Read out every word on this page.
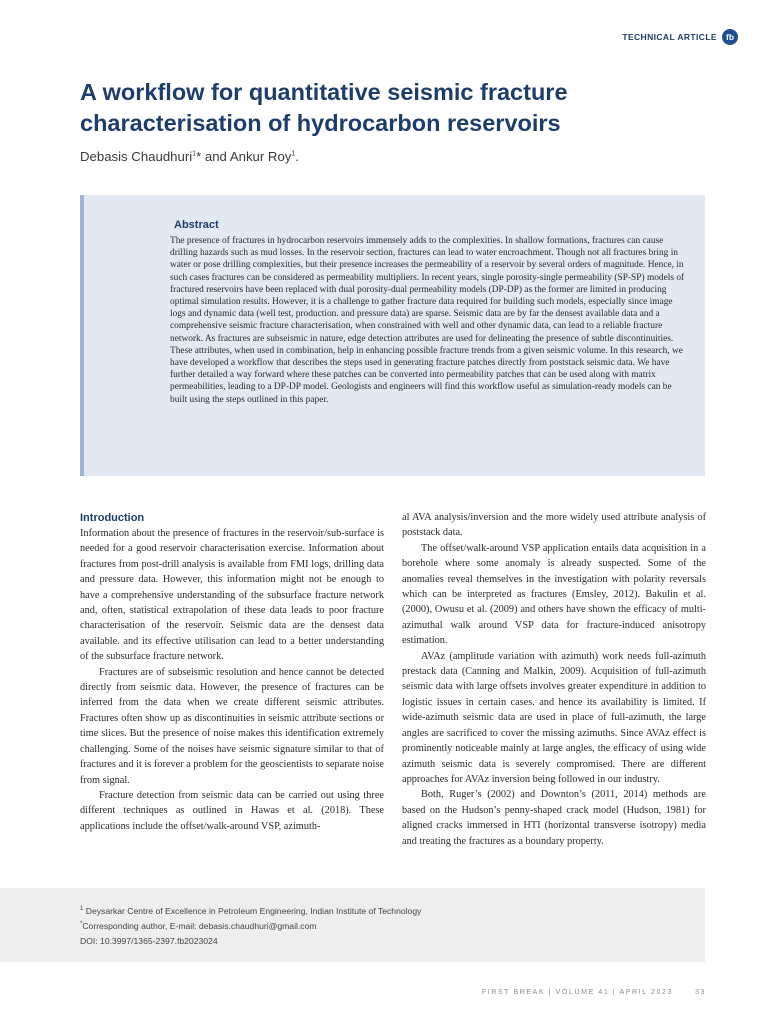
TECHNICAL ARTICLE	fb
A workflow for quantitative seismic fracture characterisation of hydrocarbon reservoirs

Debasis Chaudhuri$^1$* and Ankur Roy$^1$.

Abstract

The presence of fractures in hydrocarbon reservoirs immensely adds to the complexities. In shallow formations, fractures can cause drilling hazards such as mud losses. In the reservoir section, fractures can lead to water encroachment. Though not all fractures bring in water or pose drilling complexities, but their presence increases the permeability of a reservoir by several orders of magnitude. Hence, in such cases fractures can be considered as permeability multipliers. In recent years, single porosity-single permeability (SP-SP) models of fractured reservoirs have been replaced with dual porosity-dual permeability models (DP-DP) as the former are limited in producing optimal simulation results. However, it is a challenge to gather fracture data required for building such models, especially since image logs and dynamic data (well test, production. and pressure data) are sparse. Seismic data are by far the densest available data and a comprehensive seismic fracture characterisation, when constrained with well and other dynamic data, can lead to a reliable fracture network. As fractures are subseismic in nature, edge detection attributes are used for delineating the presence of subtle discontinuities. These attributes, when used in combination, help in enhancing possible fracture trends from a given seismic volume. In this research, we have developed a workflow that describes the steps used in generating fracture patches directly from poststack seismic data. We have further detailed a way forward where these patches can be converted into permeability patches that can be used along with matrix permeabilities, leading to a DP-DP model. Geologists and engineers will find this workflow useful as simulation-ready models can be built using the steps outlined in this paper.

Introduction

Information about the presence of fractures in the reservoir/sub-surface is needed for a good reservoir characterisation exercise. Information about fractures from post-drill analysis is available from FMI logs, drilling data and pressure data. However, this information might not be enough to have a comprehensive understanding of the subsurface fracture network and, often, statistical extrapolation of these data leads to poor fracture characterisation of the reservoir. Seismic data are the densest data available. and its effective utilisation can lead to a better understanding of the subsurface fracture network.

Fractures are of subseismic resolution and hence cannot be detected directly from seismic data. However, the presence of fractures can be inferred from the data when we create different seismic attributes. Fractures often show up as discontinuities in seismic attribute sections or time slices. But the presence of noise makes this identification extremely challenging. Some of the noises have seismic signature similar to that of fractures and it is forever a problem for the geoscientists to separate noise from signal.

Fracture detection from seismic data can be carried out using three different techniques as outlined in Hawas et al. (2018). These applications include the offset/walk-around VSP, azimuth-

al AVA analysis/inversion and the more widely used attribute analysis of poststack data.

The offset/walk-around VSP application entails data acquisition in a borehole where some anomaly is already suspected. Some of the anomalies reveal themselves in the investigation with polarity reversals which can be interpreted as fractures (Emsley, 2012). Bakulin et al. (2000), Owusu et al. (2009) and others have shown the efficacy of multi-azimuthal walk around VSP data for fracture-induced anisotropy estimation.

AVAz (amplitude variation with azimuth) work needs full-azimuth prestack data (Canning and Malkin, 2009). Acquisition of full-azimuth seismic data with large offsets involves greater expenditure in addition to logistic issues in certain cases. and hence its availability is limited. If wide-azimuth seismic data are used in place of full-azimuth, the large angles are sacrificed to cover the missing azimuths. Since AVAz effect is prominently noticeable mainly at large angles, the efficacy of using wide azimuth seismic data is severely compromised. There are different approaches for AVAz inversion being followed in our industry.

Both, Ruger’s (2002) and Downton’s (2011, 2014) methods are based on the Hudson’s penny-shaped crack model (Hudson, 1981) for aligned cracks immersed in HTI (horizontal transverse isotropy) media and treating the fractures as a boundary property.

$^1$ Deysarkar Centre of Excellence in Petroleum Engineering, Indian Institute of Technology

*Corresponding author, E-mail: debasis.chaudhuri@gmail.com

DOI: 10.3997/1365-2397.fb2023024

FIRST BREAK | VOLUME 41 | APRIL 2023	33
